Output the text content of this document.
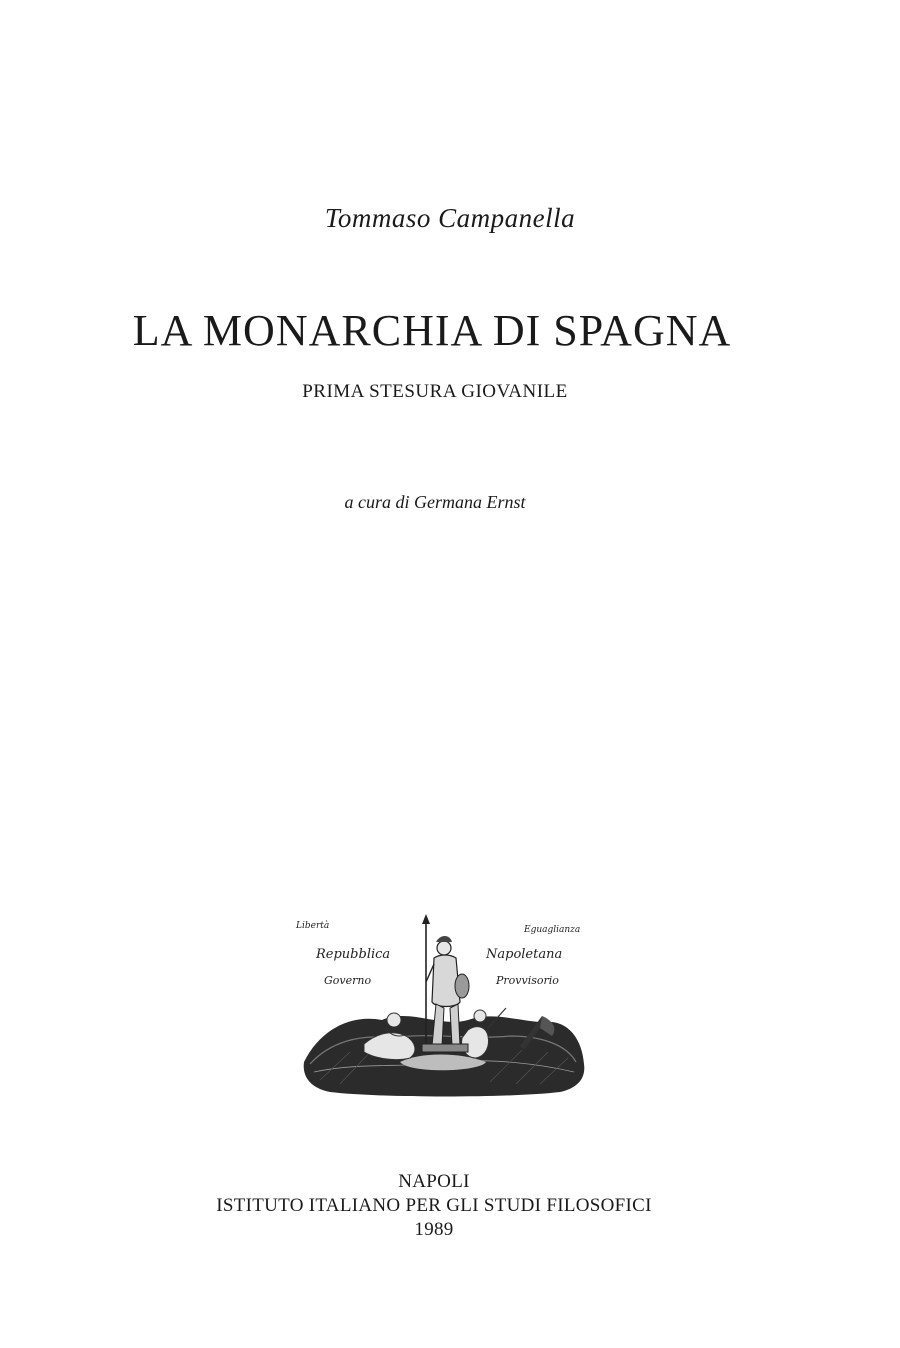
Tommaso Campanella
LA MONARCHIA DI SPAGNA
PRIMA STESURA GIOVANILE
a cura di Germana Ernst
Libertà
Repubblica
Governo
Eguaglianza
Napoletana
Provvisorio
NAPOLI
ISTITUTO ITALIANO PER GLI STUDI FILOSOFICI
1989
